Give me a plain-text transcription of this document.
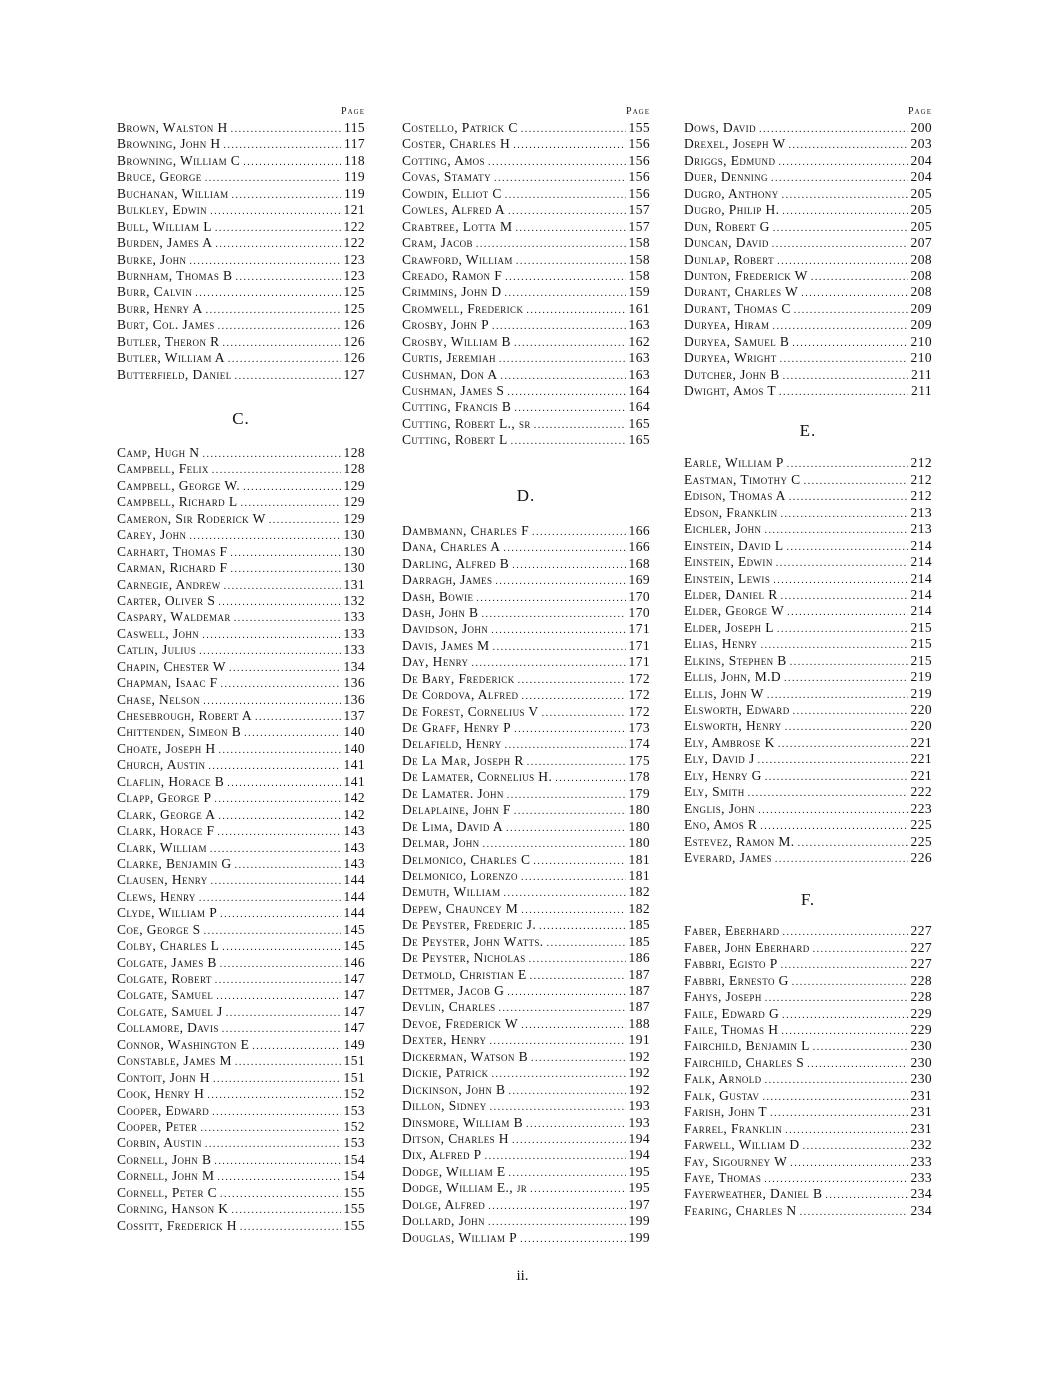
Page
Brown, Walston H .....	115
Browning, John H .....	117
Browning, William C .....	118
Bruce, George .....	119
Buchanan, William .....	119
Bulkley, Edwin .....	121
Bull, William L .....	122
Burden, James A .....	122
Burke, John .....	123
Burnham, Thomas B .....	123
Burr, Calvin .....	125
Burr, Henry A .....	125
Burt, Col. James .....	126
Butler, Theron R .....	126
Butler, William A .....	126
Butterfield, Daniel .....	127
C.
Camp, Hugh N .....	128
Campbell, Felix .....	128
Campbell, George W. .....	129
Campbell, Richard L .....	129
Cameron, Sir Roderick W .....	129
Carey, John .....	130
Carhart, Thomas F .....	130
Carman, Richard F .....	130
Carnegie, Andrew .....	131
Carter, Oliver S .....	132
Caspary, Waldemar .....	133
Caswell, John .....	133
Catlin, Julius .....	133
Chapin, Chester W .....	134
Chapman, Isaac F .....	136
Chase, Nelson .....	136
Chesebrough, Robert A .....	137
Chittenden, Simeon B .....	140
Choate, Joseph H .....	140
Church, Austin .....	141
Claflin, Horace B .....	141
Clapp, George P .....	142
Clark, George A .....	142
Clark, Horace F .....	143
Clark, William .....	143
Clarke, Benjamin G .....	143
Clausen, Henry .....	144
Clews, Henry .....	144
Clyde, William P .....	144
Coe, George S .....	145
Colby, Charles L .....	145
Colgate, James B .....	146
Colgate, Robert .....	147
Colgate, Samuel .....	147
Colgate, Samuel J .....	147
Collamore, Davis .....	147
Connor, Washington E .....	149
Constable, James M .....	151
Contoit, John H .....	151
Cook, Henry H .....	152
Cooper, Edward .....	153
Cooper, Peter .....	152
Corbin, Austin .....	153
Cornell, John B .....	154
Cornell, John M .....	154
Cornell, Peter C .....	155
Corning, Hanson K .....	155
Cossitt, Frederick H .....	155
Page
Costello, Patrick C .....	155
Coster, Charles H .....	156
Cotting, Amos .....	156
Covas, Stamaty .....	156
Cowdin, Elliot C .....	156
Cowles, Alfred A .....	157
Crabtree, Lotta M .....	157
Cram, Jacob .....	158
Crawford, William .....	158
Creado, Ramon F .....	158
Crimmins, John D .....	159
Cromwell, Frederick .....	161
Crosby, John P .....	163
Crosby, William B .....	162
Curtis, Jeremiah .....	163
Cushman, Don A .....	163
Cushman, James S .....	164
Cutting, Francis B .....	164
Cutting, Robert L., sr .....	165
Cutting, Robert L .....	165
D.
Dambmann, Charles F .....	166
Dana, Charles A .....	166
Darling, Alfred B .....	168
Darragh, James .....	169
Dash, Bowie .....	170
Dash, John B .....	170
Davidson, John .....	171
Davis, James M .....	171
Day, Henry .....	171
De Bary, Frederick .....	172
De Cordova, Alfred .....	172
De Forest, Cornelius V .....	172
De Graff, Henry P .....	173
Delafield, Henry .....	174
De La Mar, Joseph R .....	175
De Lamater, Cornelius H. .....	178
De Lamater. John .....	179
Delaplaine, John F .....	180
De Lima, David A .....	180
Delmar, John .....	180
Delmonico, Charles C .....	181
Delmonico, Lorenzo .....	181
Demuth, William .....	182
Depew, Chauncey M .....	182
De Peyster, Frederic J. .....	185
De Peyster, John Watts. .....	185
De Peyster, Nicholas .....	186
Detmold, Christian E .....	187
Dettmer, Jacob G .....	187
Devlin, Charles .....	187
Devoe, Frederick W .....	188
Dexter, Henry .....	191
Dickerman, Watson B .....	192
Dickie, Patrick .....	192
Dickinson, John B .....	192
Dillon, Sidney .....	193
Dinsmore, William B .....	193
Ditson, Charles H .....	194
Dix, Alfred P .....	194
Dodge, William E .....	195
Dodge, William E., jr .....	195
Dolge, Alfred .....	197
Dollard, John .....	199
Douglas, William P .....	199
Page
Dows, David .....	200
Drexel, Joseph W .....	203
Driggs, Edmund .....	204
Duer, Denning .....	204
Dugro, Anthony .....	205
Dugro, Philip H. .....	205
Dun, Robert G .....	205
Duncan, David .....	207
Dunlap, Robert .....	208
Dunton, Frederick W .....	208
Durant, Charles W .....	208
Durant, Thomas C .....	209
Duryea, Hiram .....	209
Duryea, Samuel B .....	210
Duryea, Wright .....	210
Dutcher, John B .....	211
Dwight, Amos T .....	211
E.
Earle, William P .....	212
Eastman, Timothy C .....	212
Edison, Thomas A .....	212
Edson, Franklin .....	213
Eichler, John .....	213
Einstein, David L .....	214
Einstein, Edwin .....	214
Einstein, Lewis .....	214
Elder, Daniel R .....	214
Elder, George W .....	214
Elder, Joseph L .....	215
Elias, Henry .....	215
Elkins, Stephen B .....	215
Ellis, John, M.D .....	219
Ellis, John W .....	219
Elsworth, Edward .....	220
Elsworth, Henry .....	220
Ely, Ambrose K .....	221
Ely, David J .....	221
Ely, Henry G .....	221
Ely, Smith .....	222
Englis, John .....	223
Eno, Amos R .....	225
Estevez, Ramon M. .....	225
Everard, James .....	226
F.
Faber, Eberhard .....	227
Faber, John Eberhard .....	227
Fabbri, Egisto P .....	227
Fabbri, Ernesto G .....	228
Fahys, Joseph .....	228
Faile, Edward G .....	229
Faile, Thomas H .....	229
Fairchild, Benjamin L .....	230
Fairchild, Charles S .....	230
Falk, Arnold .....	230
Falk, Gustav .....	231
Farish, John T .....	231
Farrel, Franklin .....	231
Farwell, William D .....	232
Fay, Sigourney W .....	233
Faye, Thomas .....	233
Fayerweather, Daniel B .....	234
Fearing, Charles N .....	234
ii.
